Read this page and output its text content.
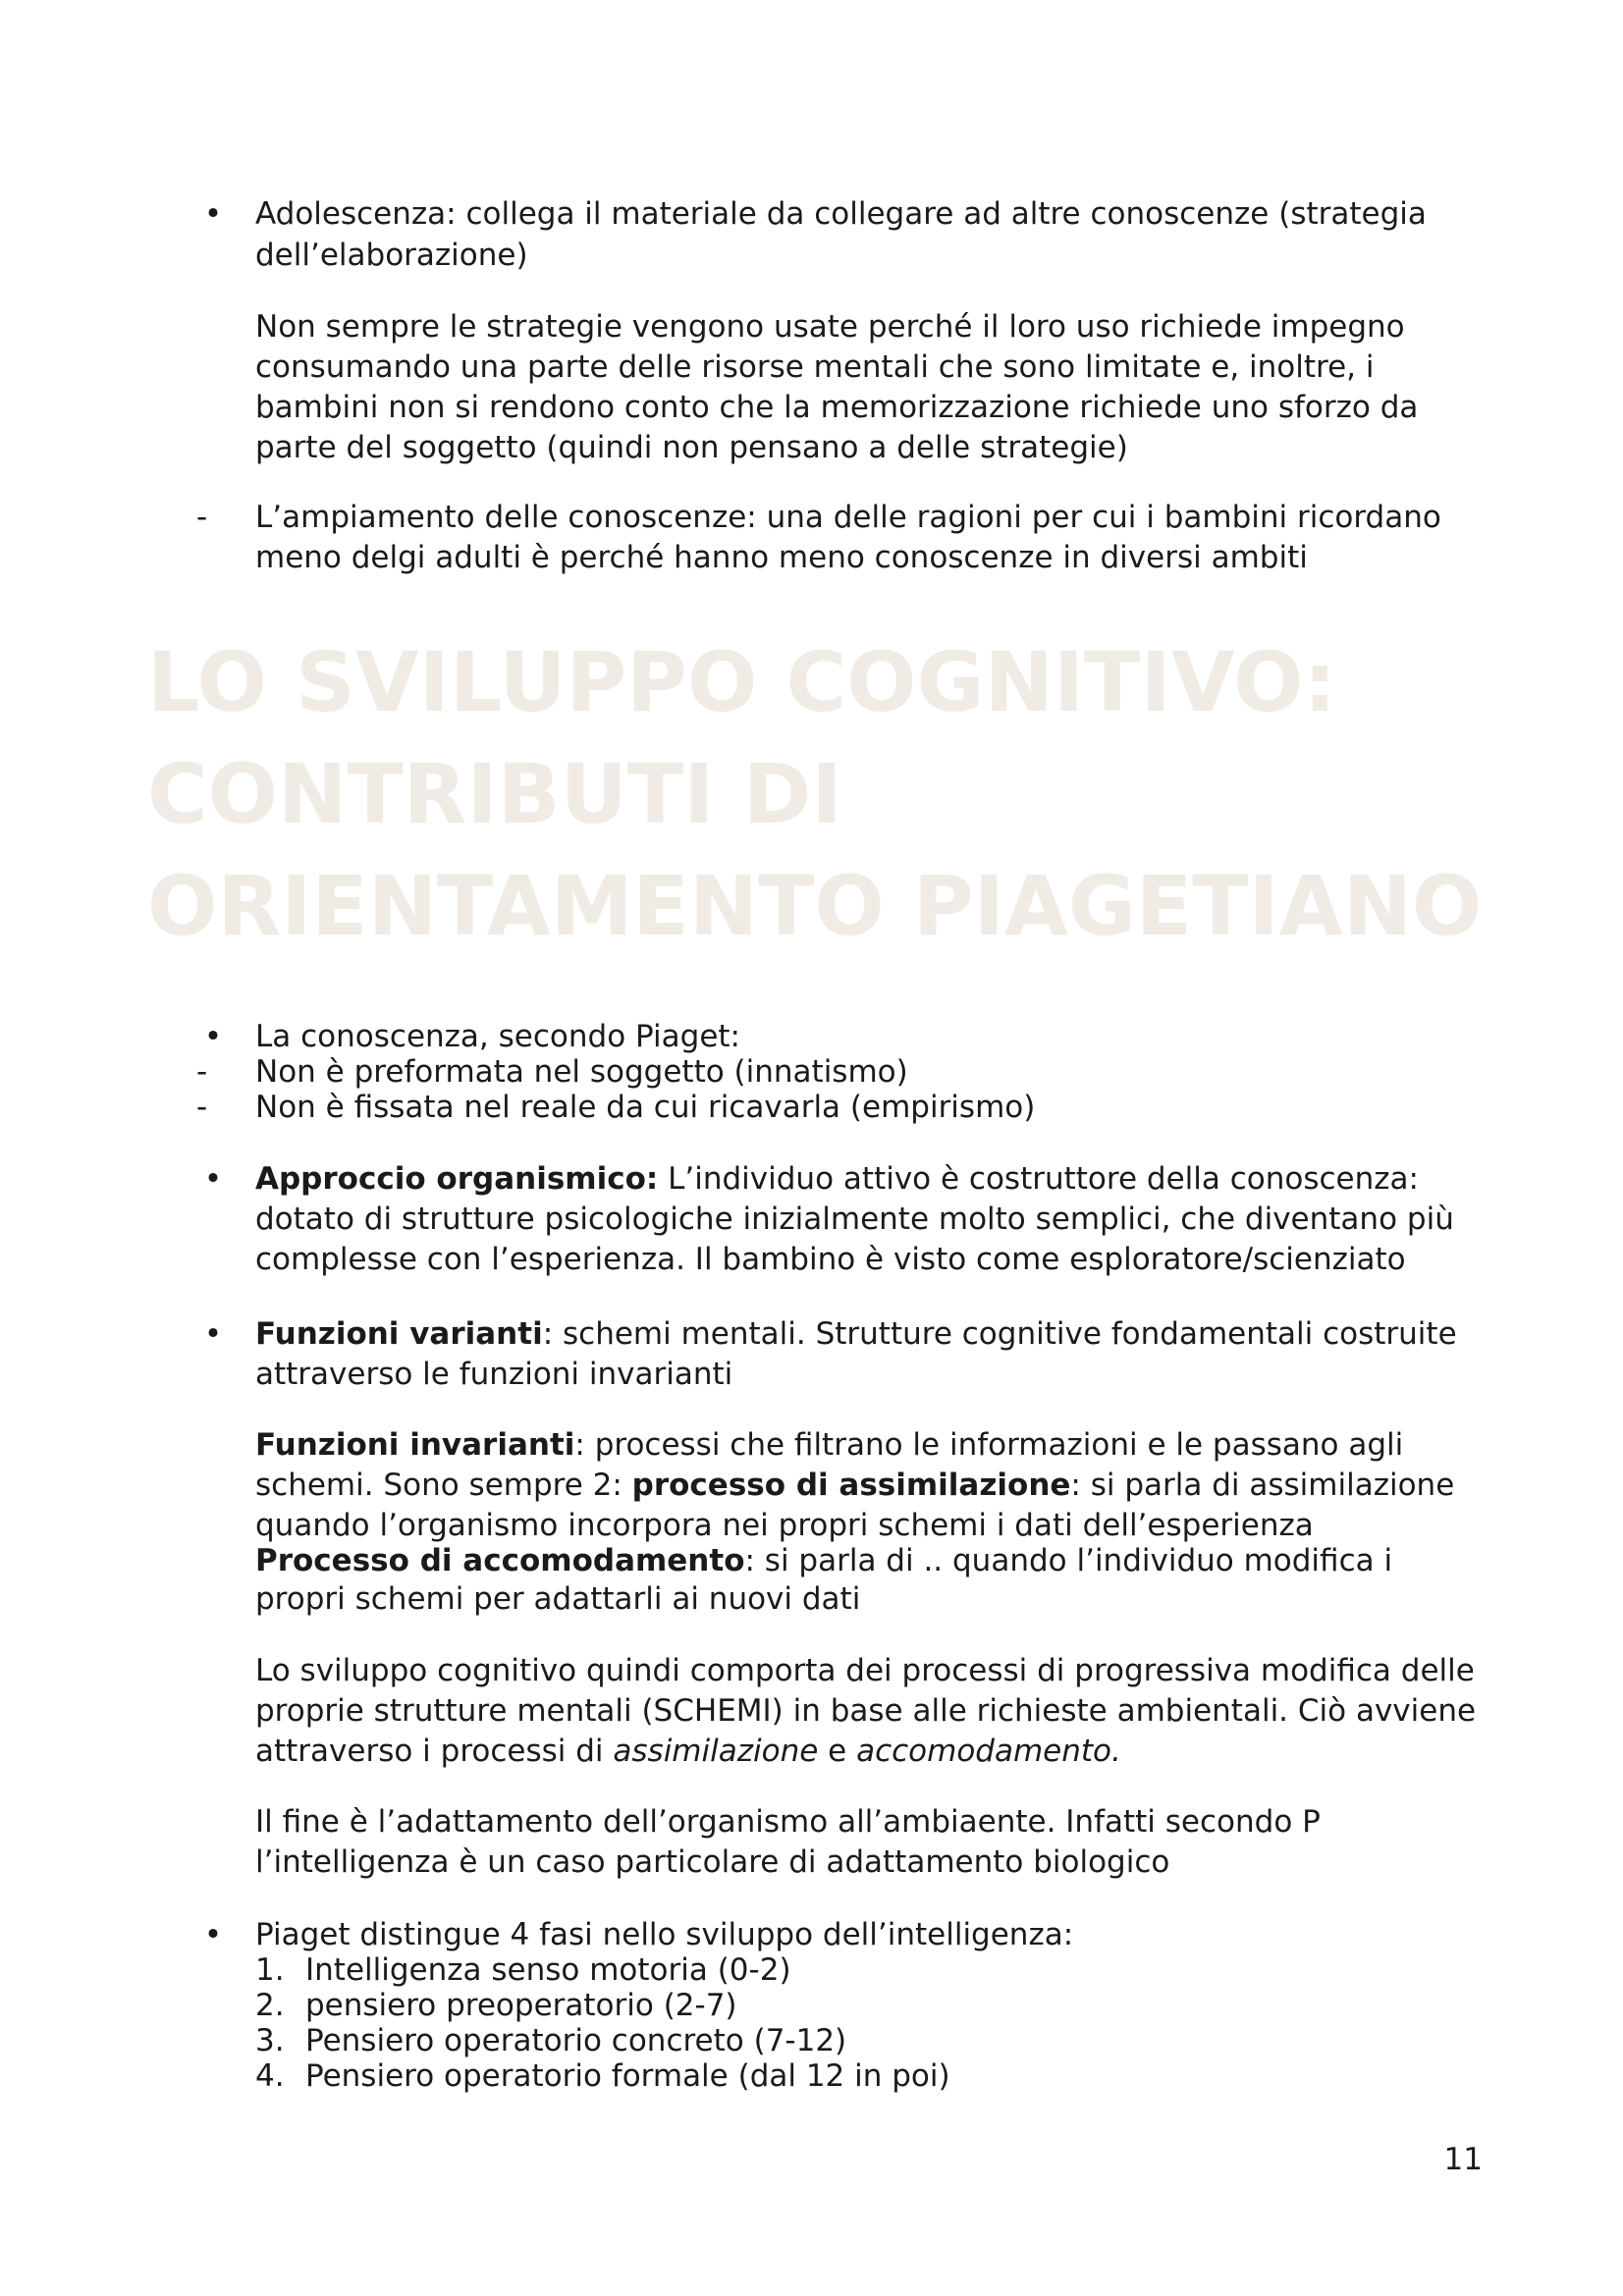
•	Adolescenza: collega il materiale da collegare ad altre conoscenze (strategia
dell’elaborazione)
Non sempre le strategie vengono usate perché il loro uso richiede impegno
consumando una parte delle risorse mentali che sono limitate e, inoltre, i
bambini non si rendono conto che la memorizzazione richiede uno sforzo da
parte del soggetto (quindi non pensano a delle strategie)
-	L’ampiamento delle conoscenze: una delle ragioni per cui i bambini ricordano
meno delgi adulti è perché hanno meno conoscenze in diversi ambiti
LO SVILUPPO COGNITIVO:
CONTRIBUTI DI
ORIENTAMENTO PIAGETIANO
•	La conoscenza, secondo Piaget:
-	Non è preformata nel soggetto (innatismo)
-	Non è fissata nel reale da cui ricavarla (empirismo)
•	Approccio organismico: L’individuo attivo è costruttore della conoscenza:
dotato di strutture psicologiche inizialmente molto semplici, che diventano più
complesse con l’esperienza. Il bambino è visto come esploratore/scienziato
•	Funzioni varianti: schemi mentali. Strutture cognitive fondamentali costruite
attraverso le funzioni invarianti
Funzioni invarianti: processi che filtrano le informazioni e le passano agli
schemi. Sono sempre 2: processo di assimilazione: si parla di assimilazione
quando l’organismo incorpora nei propri schemi i dati dell’esperienza
Processo di accomodamento: si parla di .. quando l’individuo modifica i
propri schemi per adattarli ai nuovi dati
Lo sviluppo cognitivo quindi comporta dei processi di progressiva modifica delle
proprie strutture mentali (SCHEMI) in base alle richieste ambientali. Ciò avviene
attraverso i processi di assimilazione e accomodamento.
Il fine è l’adattamento dell’organismo all’ambiaente. Infatti secondo P
l’intelligenza è un caso particolare di adattamento biologico
•	Piaget distingue 4 fasi nello sviluppo dell’intelligenza:
1. Intelligenza senso motoria (0-2)
2. pensiero preoperatorio (2-7)
3. Pensiero operatorio concreto (7-12)
4. Pensiero operatorio formale (dal 12 in poi)
11
